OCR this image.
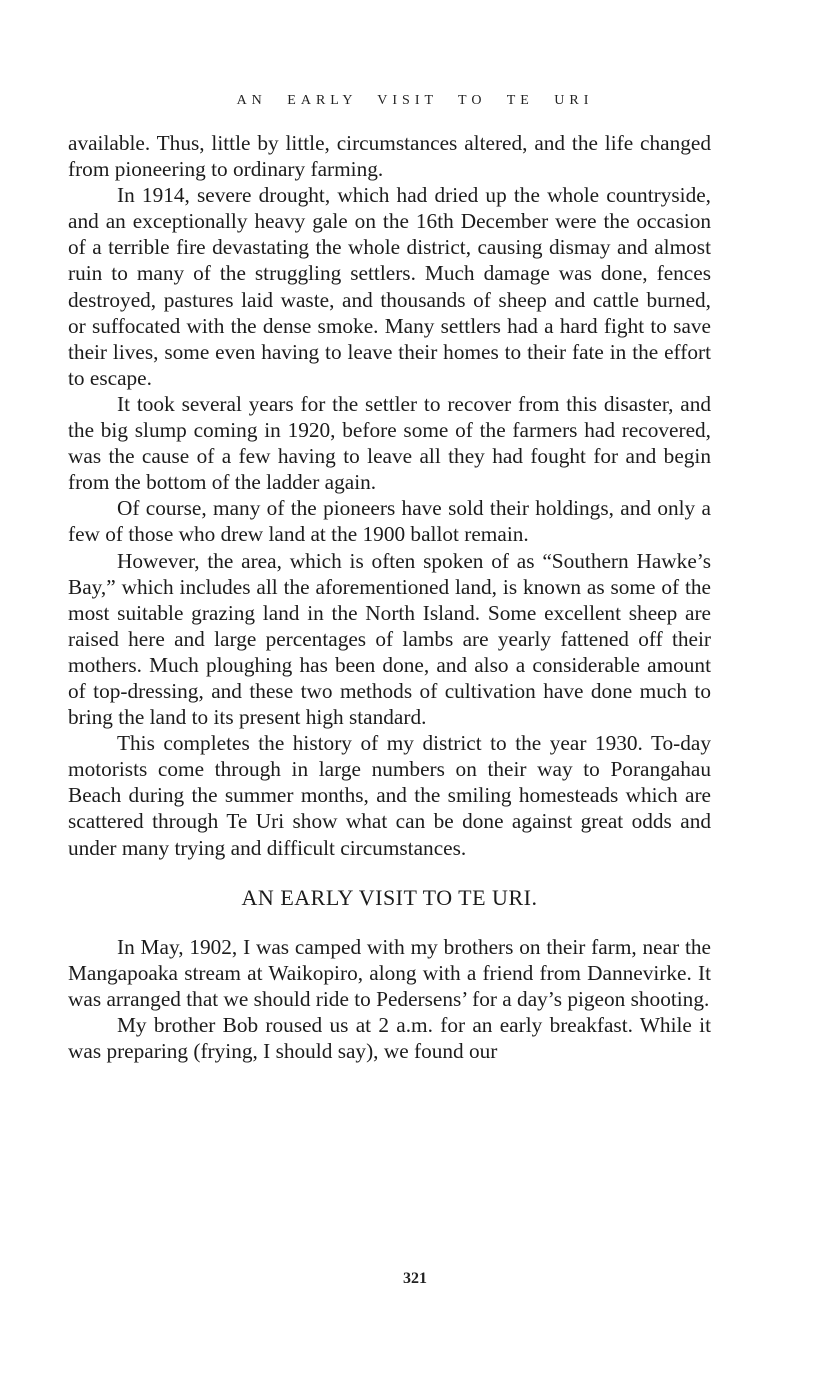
AN EARLY VISIT TO TE URI

available. Thus, little by little, circumstances altered, and the life changed from pioneering to ordinary farming.

In 1914, severe drought, which had dried up the whole countryside, and an exceptionally heavy gale on the 16th December were the occasion of a terrible fire devastating the whole district, causing dismay and almost ruin to many of the struggling settlers. Much damage was done, fences destroyed, pastures laid waste, and thousands of sheep and cattle burned, or suffocated with the dense smoke. Many settlers had a hard fight to save their lives, some even having to leave their homes to their fate in the effort to escape.

It took several years for the settler to recover from this disaster, and the big slump coming in 1920, before some of the farmers had recovered, was the cause of a few having to leave all they had fought for and begin from the bottom of the ladder again.

Of course, many of the pioneers have sold their holdings, and only a few of those who drew land at the 1900 ballot remain.

However, the area, which is often spoken of as “Southern Hawke’s Bay,” which includes all the aforementioned land, is known as some of the most suitable grazing land in the North Island. Some excellent sheep are raised here and large percentages of lambs are yearly fattened off their mothers. Much ploughing has been done, and also a considerable amount of top-dressing, and these two methods of cultivation have done much to bring the land to its present high standard.

This completes the history of my district to the year 1930. To-day motorists come through in large numbers on their way to Porangahau Beach during the summer months, and the smiling homesteads which are scattered through Te Uri show what can be done against great odds and under many trying and difficult circumstances.

AN EARLY VISIT TO TE URI.

In May, 1902, I was camped with my brothers on their farm, near the Mangapoaka stream at Waikopiro, along with a friend from Dannevirke. It was arranged that we should ride to Pedersens’ for a day’s pigeon shooting.

My brother Bob roused us at 2 a.m. for an early breakfast. While it was preparing (frying, I should say), we found our

321
